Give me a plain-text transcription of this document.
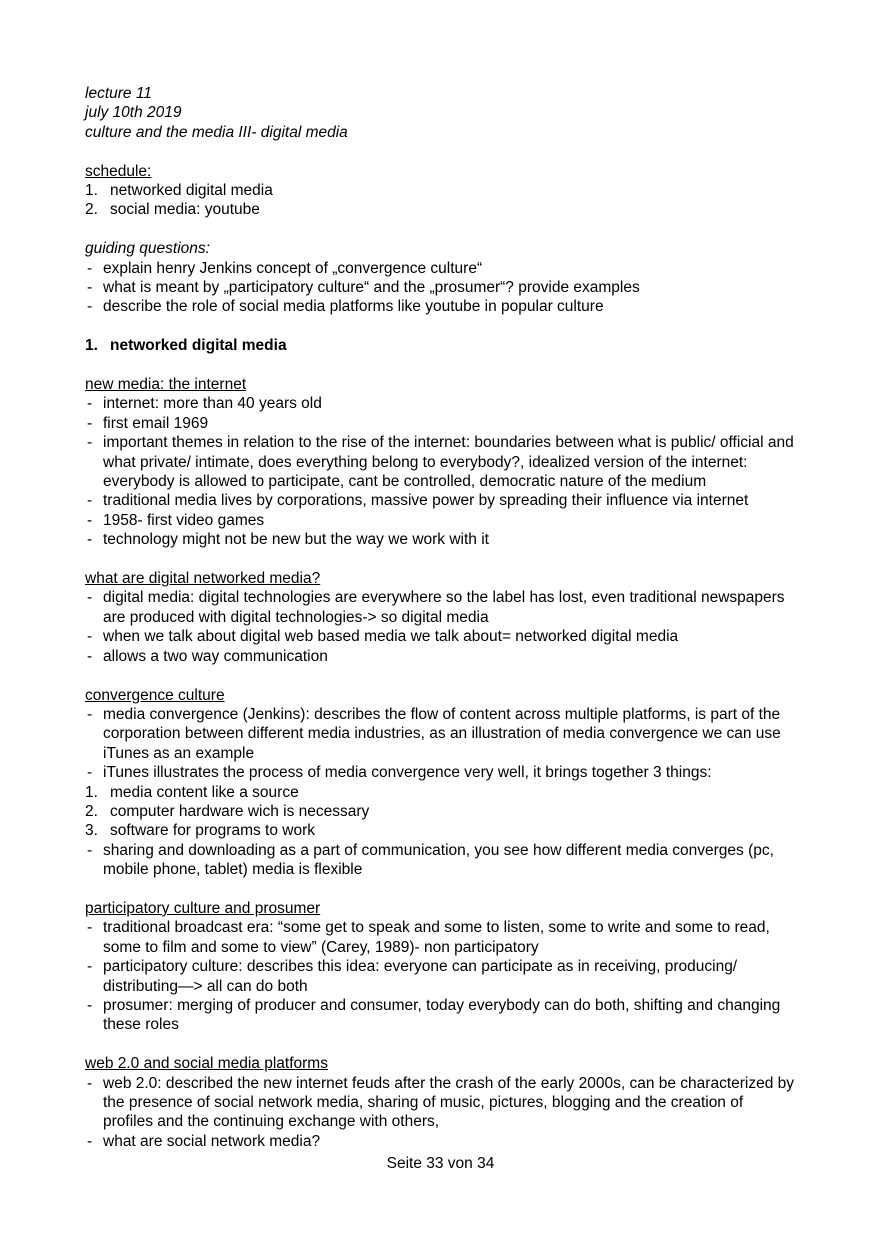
lecture 11
july 10th 2019
culture and the media III- digital media
schedule:
1. networked digital media
2. social media: youtube
guiding questions:
- explain henry Jenkins concept of „convergence culture“
- what is meant by „participatory culture“ and the „prosumer“? provide examples
- describe the role of social media platforms like youtube in popular culture
1. networked digital media
new media: the internet
- internet: more than 40 years old
- first email 1969
- important themes in relation to the rise of the internet: boundaries between what is public/ official and what private/ intimate, does everything belong to everybody?, idealized version of the internet: everybody is allowed to participate, cant be controlled, democratic nature of the medium
- traditional media lives by corporations, massive power by spreading their influence via internet
- 1958- first video games
- technology might not be new but the way we work with it
what are digital networked media?
- digital media: digital technologies are everywhere so the label has lost, even traditional newspapers are produced with digital technologies-> so digital media
- when we talk about digital web based media we talk about= networked digital media
- allows a two way communication
convergence culture
- media convergence (Jenkins): describes the flow of content across multiple platforms, is part of the corporation between different media industries, as an illustration of media convergence we can use iTunes as an example
- iTunes illustrates the process of media convergence very well, it brings together 3 things:
1. media content like a source
2. computer hardware wich is necessary
3. software for programs to work
- sharing and downloading as a part of communication, you see how different media converges (pc, mobile phone, tablet) media is flexible
participatory culture and prosumer
- traditional broadcast era: “some get to speak and some to listen, some to write and some to read, some to film and some to view” (Carey, 1989)- non participatory
- participatory culture: describes this idea: everyone can participate as in receiving, producing/ distributing—> all can do both
- prosumer: merging of producer and consumer, today everybody can do both, shifting and changing these roles
web 2.0 and social media platforms
- web 2.0: described the new internet feuds after the crash of the early 2000s, can be characterized by the presence of social network media, sharing of music, pictures, blogging and the creation of profiles and the continuing exchange with others,
- what are social network media?
Seite 33 von 34
